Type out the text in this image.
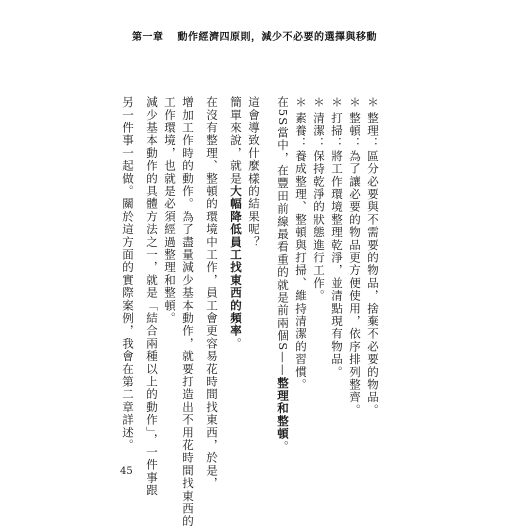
第一章 動作經濟四原則，減少不必要的選擇與移動

＊整理：區分必要與不需要的物品，捨棄不必要的物品。

＊整頓：為了讓必要的物品更方便使用，依序排列整齊。

＊打掃：將工作環境整理乾淨，並清點現有物品。

＊清潔：保持乾淨的狀態進行工作。

＊素養：養成整理、整頓與打掃、維持清潔的習慣。

在5S當中，在豐田前線最看重的就是前兩個S——整理和整頓。

這會導致什麼樣的結果呢？

簡單來說，就是大幅降低員工找東西的頻率。

在沒有整理、整頓的環境中工作，員工會更容易花時間找東西，於是，

增加工作時的動作。為了盡量減少基本動作，就要打造出不用花時間找東西的

工作環境，也就是必須經過整理和整頓。

減少基本動作的具體方法之一，就是「結合兩種以上的動作」，一件事跟

另一件事一起做。關於這方面的實際案例，我會在第二章詳述。

45
